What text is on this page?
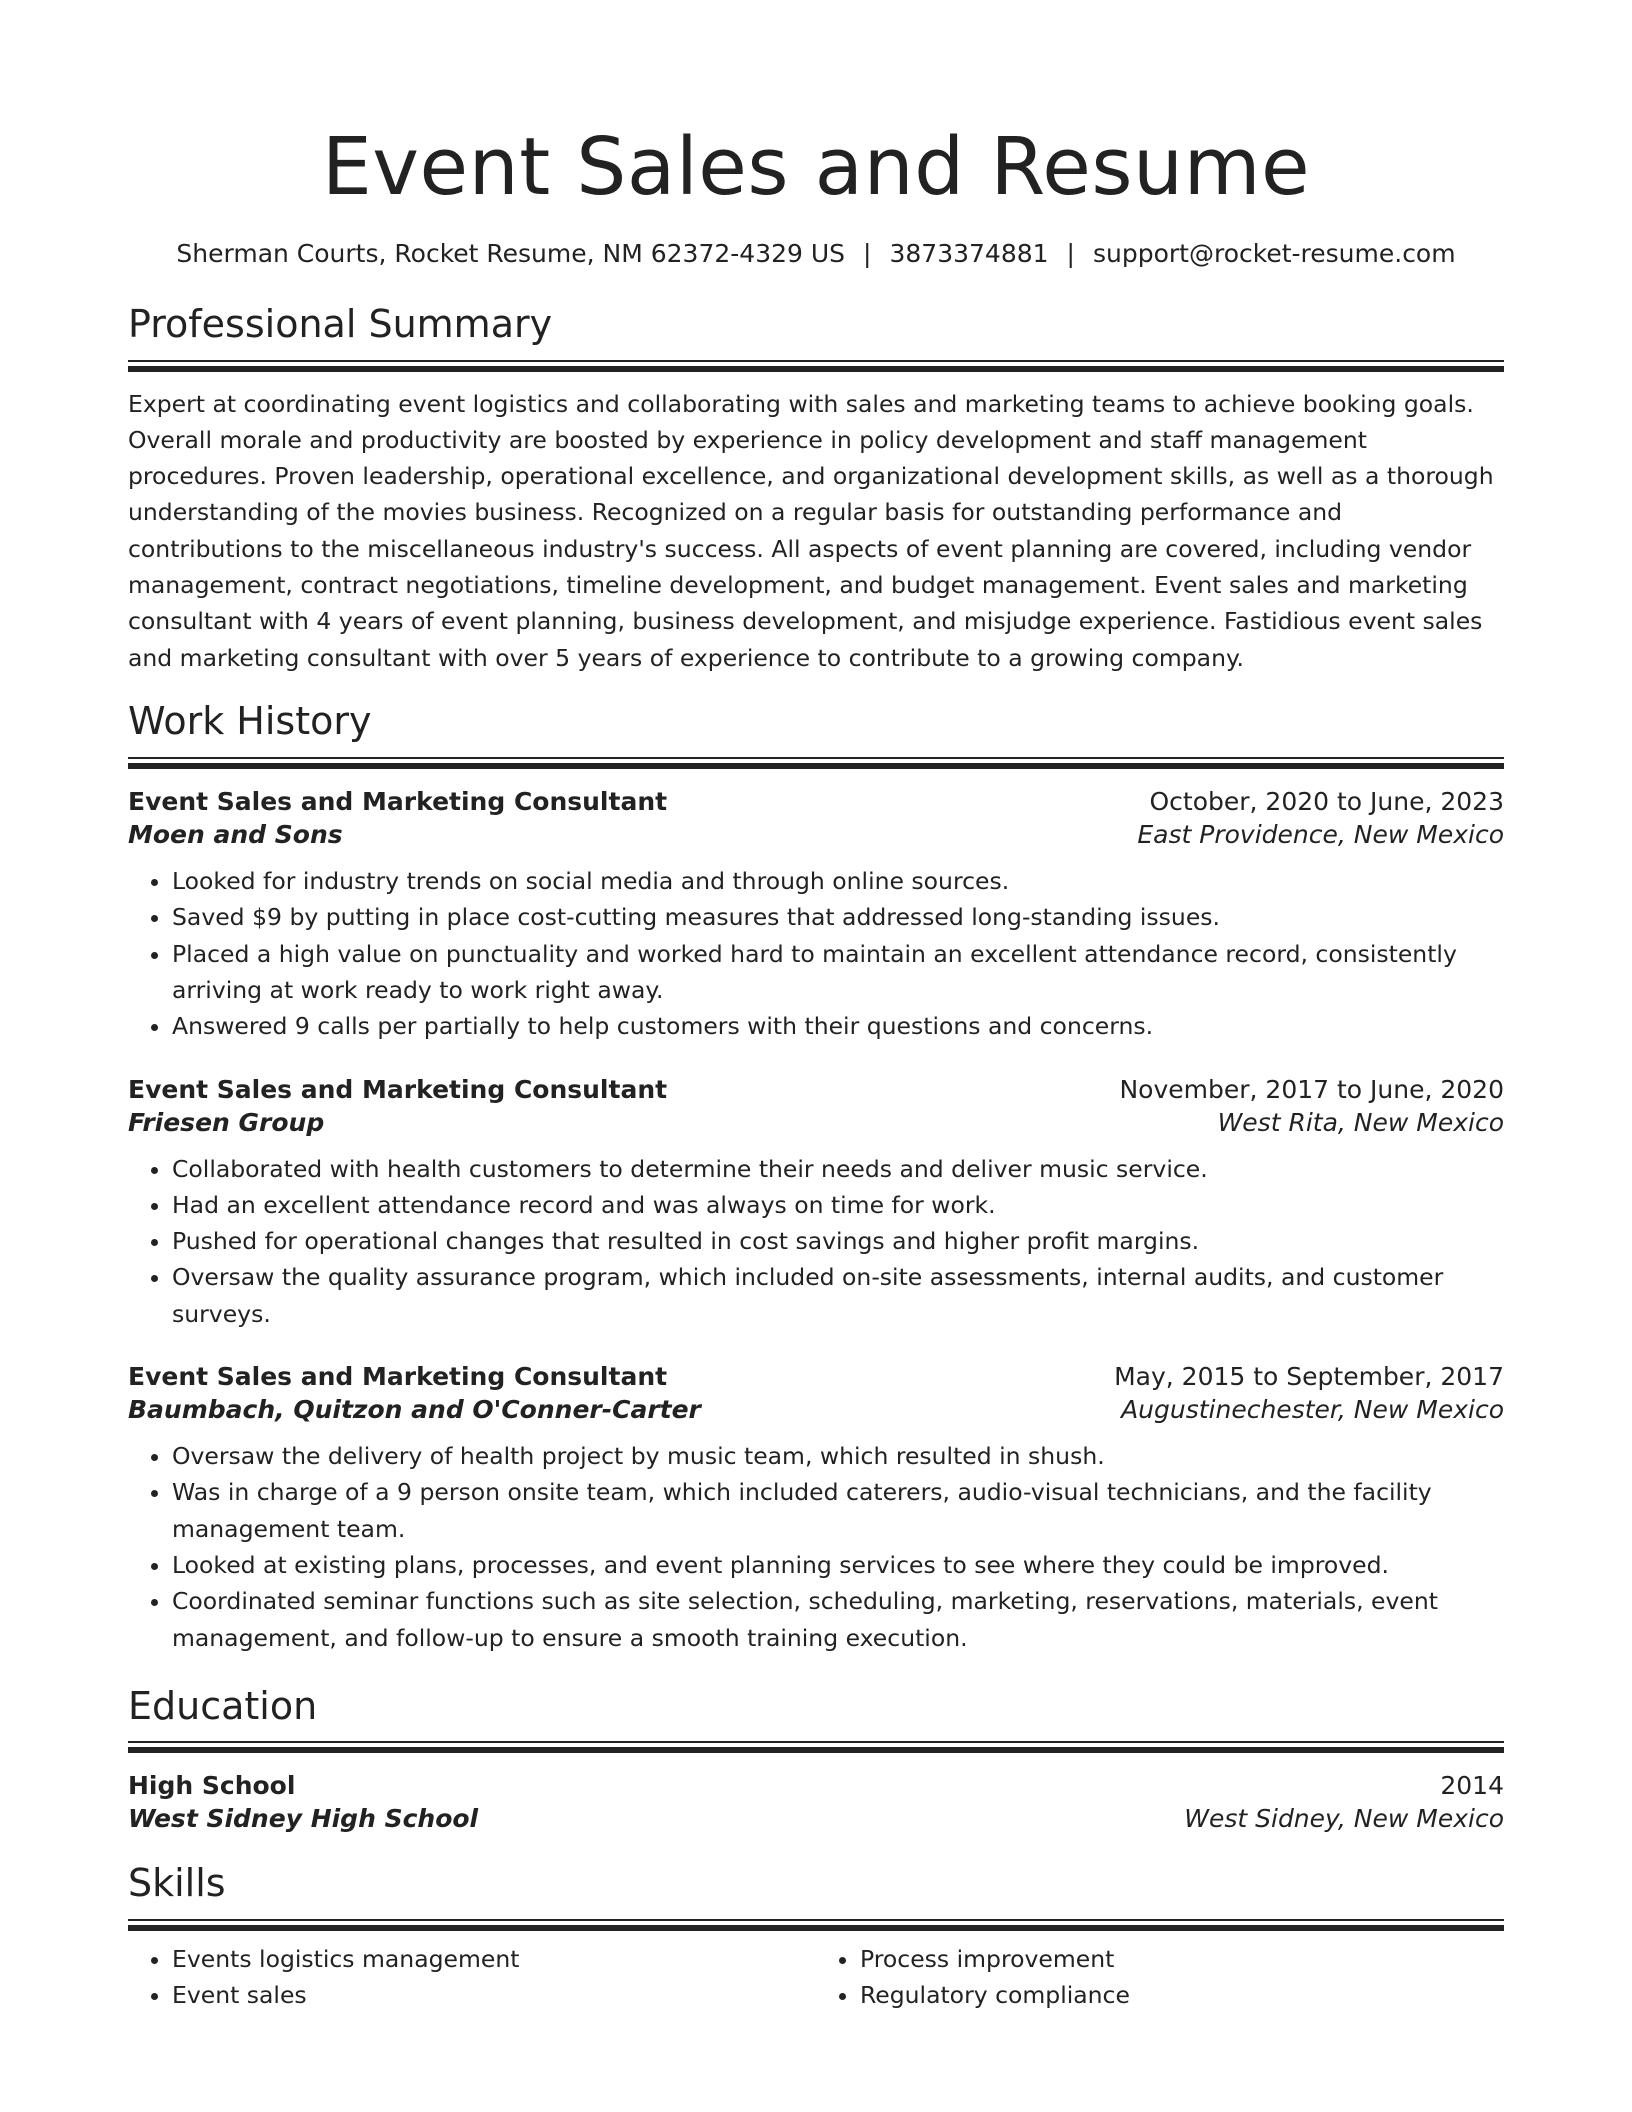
Event Sales and Resume
Sherman Courts, Rocket Resume, NM 62372-4329 US | 3873374881 | support@rocket-resume.com
Professional Summary

Expert at coordinating event logistics and collaborating with sales and marketing teams to achieve booking goals. Overall morale and productivity are boosted by experience in policy development and staff management procedures. Proven leadership, operational excellence, and organizational development skills, as well as a thorough understanding of the movies business. Recognized on a regular basis for outstanding performance and contributions to the miscellaneous industry's success. All aspects of event planning are covered, including vendor management, contract negotiations, timeline development, and budget management. Event sales and marketing consultant with 4 years of event planning, business development, and misjudge experience. Fastidious event sales and marketing consultant with over 5 years of experience to contribute to a growing company.

Work History
Event Sales and Marketing Consultant	October, 2020 to June, 2023
Moen and Sons	East Providence, New Mexico
• Looked for industry trends on social media and through online sources.
• Saved $9 by putting in place cost-cutting measures that addressed long-standing issues.
• Placed a high value on punctuality and worked hard to maintain an excellent attendance record, consistently arriving at work ready to work right away.
• Answered 9 calls per partially to help customers with their questions and concerns.
Event Sales and Marketing Consultant	November, 2017 to June, 2020
Friesen Group	West Rita, New Mexico
• Collaborated with health customers to determine their needs and deliver music service.
• Had an excellent attendance record and was always on time for work.
• Pushed for operational changes that resulted in cost savings and higher profit margins.
• Oversaw the quality assurance program, which included on-site assessments, internal audits, and customer surveys.
Event Sales and Marketing Consultant	May, 2015 to September, 2017
Baumbach, Quitzon and O'Conner-Carter	Augustinechester, New Mexico
• Oversaw the delivery of health project by music team, which resulted in shush.
• Was in charge of a 9 person onsite team, which included caterers, audio-visual technicians, and the facility management team.
• Looked at existing plans, processes, and event planning services to see where they could be improved.
• Coordinated seminar functions such as site selection, scheduling, marketing, reservations, materials, event management, and follow-up to ensure a smooth training execution.
Education
High School	2014
West Sidney High School	West Sidney, New Mexico
Skills
• Events logistics management
• Event sales
• Process improvement
• Regulatory compliance
